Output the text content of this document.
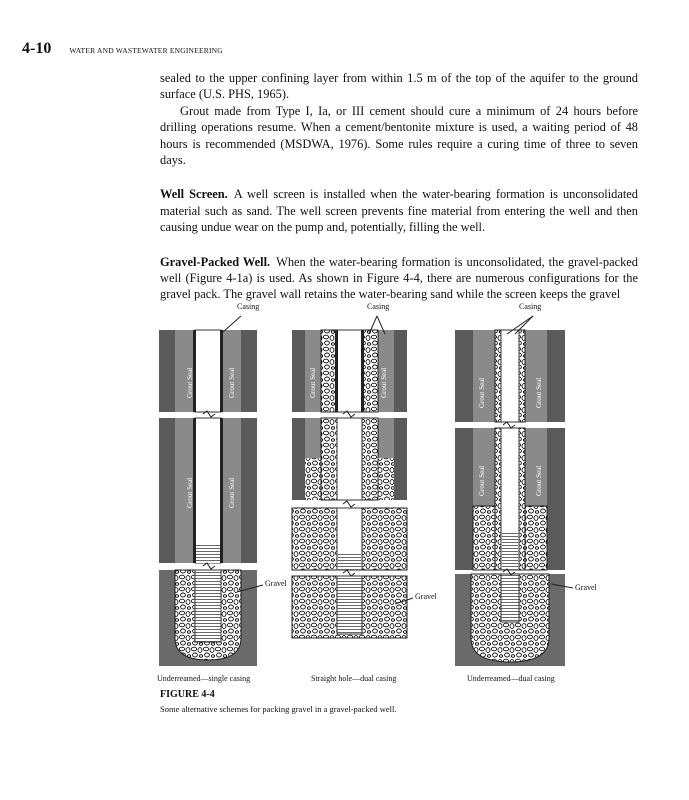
4-10 WATER AND WASTEWATER ENGINEERING

sealed to the upper confining layer from within 1.5 m of the top of the aquifer to the ground surface (U.S. PHS, 1965).

Grout made from Type I, Ia, or III cement should cure a minimum of 24 hours before drilling operations resume. When a cement/bentonite mixture is used, a waiting period of 48 hours is recommended (MSDWA, 1976). Some rules require a curing time of three to seven days.

Well Screen. A well screen is installed when the water-bearing formation is unconsolidated material such as sand. The well screen prevents fine material from entering the well and then causing undue wear on the pump and, potentially, filling the well.

Gravel-Packed Well. When the water-bearing formation is unconsolidated, the gravel-packed well (Figure 4-1a) is used. As shown in Figure 4-4, there are numerous configurations for the gravel pack. The gravel wall retains the water-bearing sand while the screen keeps the gravel

Casing
Gravel
Underreamed—single casing
Casing
Gravel
Straight hole—dual casing
Casing
Gravel
Underreamed—dual casing
Grout Seal	Grout Seal
Grout Seal	Grout Seal
Grout Seal	Grout Seal	Grout Seal	Grout Seal
Grout Seal	Grout Seal
FIGURE 4-4
Some alternative schemes for packing gravel in a gravel-packed well.
